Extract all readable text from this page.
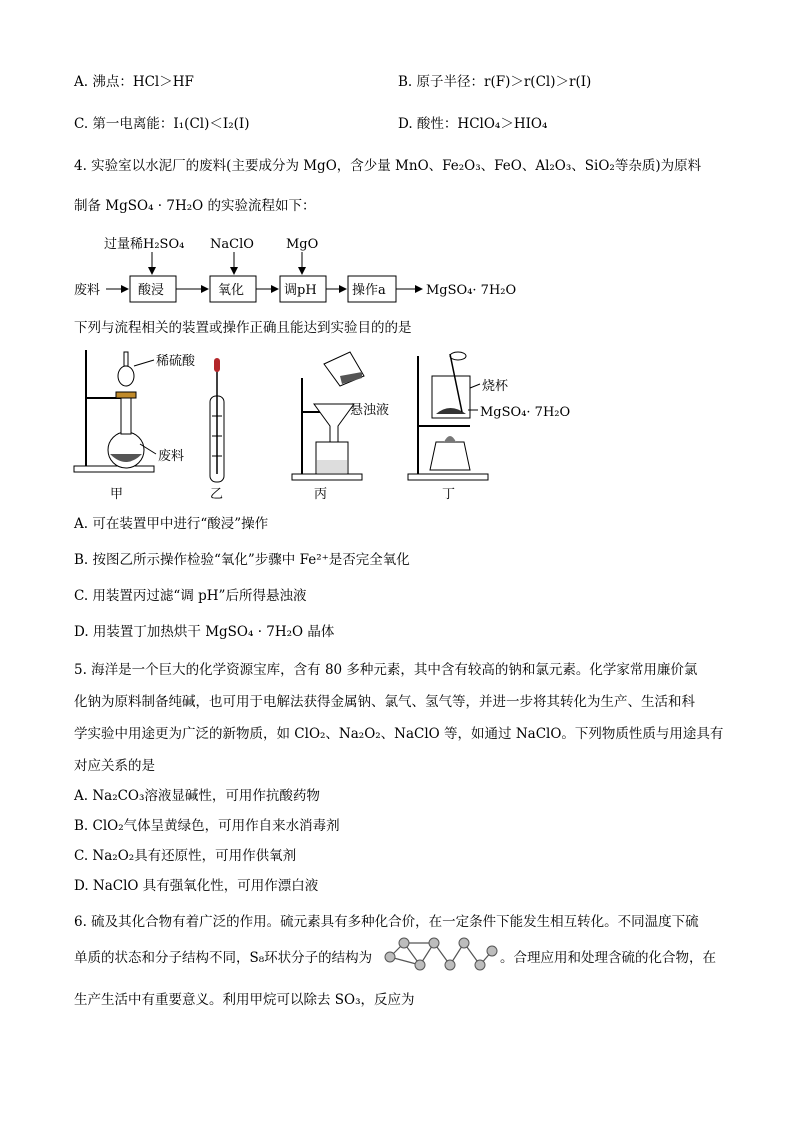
A. 沸点：HCl＞HF	B. 原子半径：r(F)＞r(Cl)＞r(I)
C. 第一电离能：I₁(Cl)＜I₂(I)	D. 酸性：HClO₄＞HIO₄
4. 实验室以水泥厂的废料(主要成分为 MgO，含少量 MnO、Fe₂O₃、FeO、Al₂O₃、SiO₂等杂质)为原料
制备 MgSO₄ · 7H₂O 的实验流程如下：
过量稀H₂SO₄ NaClO MgO
废料	酸浸	氧化	调pH	操作a	MgSO₄· 7H₂O
下列与流程相关的装置或操作正确且能达到实验目的的是
稀硫酸
废料
甲	乙
悬浊液
丙
烧杯
MgSO₄· 7H₂O
丁
A. 可在装置甲中进行“酸浸”操作
B. 按图乙所示操作检验“氧化”步骤中 Fe²⁺是否完全氧化
C. 用装置丙过滤“调 pH”后所得悬浊液
D. 用装置丁加热烘干 MgSO₄ · 7H₂O 晶体
5. 海洋是一个巨大的化学资源宝库，含有 80 多种元素，其中含有较高的钠和氯元素。化学家常用廉价氯
化钠为原料制备纯碱，也可用于电解法获得金属钠、氯气、氢气等，并进一步将其转化为生产、生活和科
学实验中用途更为广泛的新物质，如 ClO₂、Na₂O₂、NaClO 等，如通过 NaClO。下列物质性质与用途具有
对应关系的是
A. Na₂CO₃溶液显碱性，可用作抗酸药物
B. ClO₂气体呈黄绿色，可用作自来水消毒剂
C. Na₂O₂具有还原性，可用作供氧剂
D. NaClO 具有强氧化性，可用作漂白液
6. 硫及其化合物有着广泛的作用。硫元素具有多种化合价，在一定条件下能发生相互转化。不同温度下硫
单质的状态和分子结构不同，S₈环状分子的结构为	。合理应用和处理含硫的化合物，在
生产生活中有重要意义。利用甲烷可以除去 SO₃，反应为
